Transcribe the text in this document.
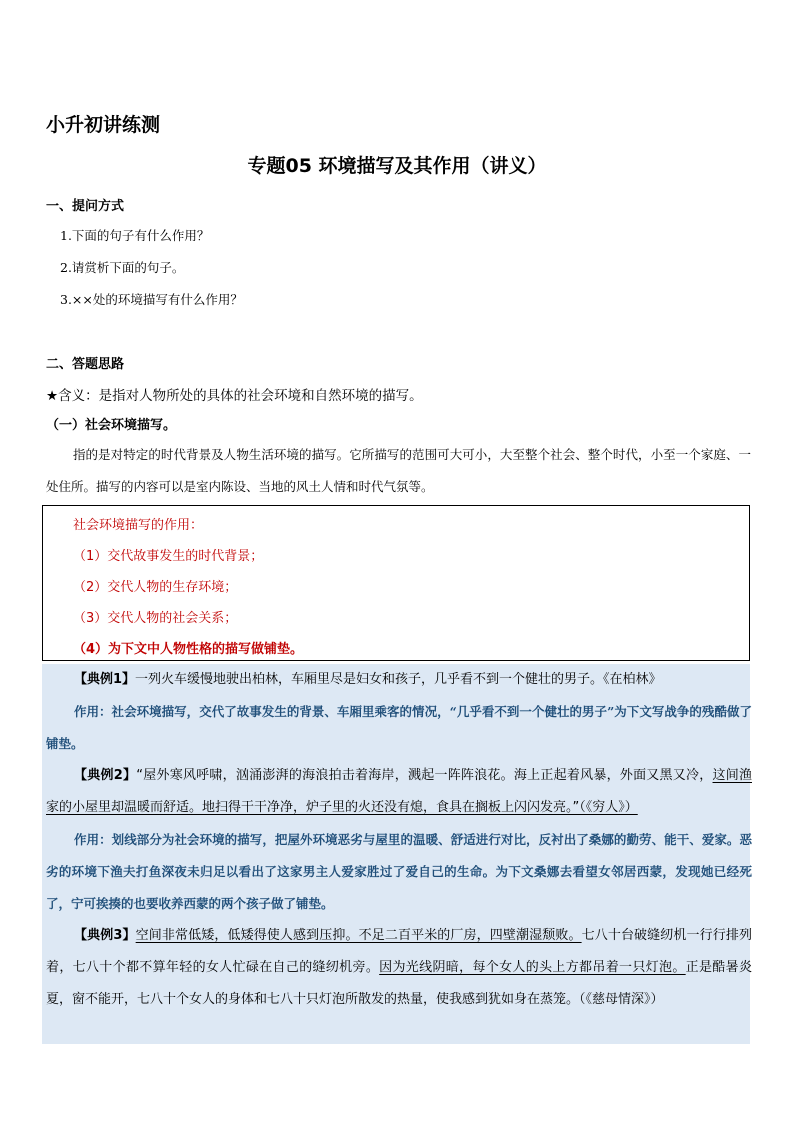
小升初讲练测
专题05 环境描写及其作用（讲义）
一、提问方式
1.下面的句子有什么作用？
2.请赏析下面的句子。
3.××处的环境描写有什么作用？
二、答题思路
★含义：是指对人物所处的具体的社会环境和自然环境的描写。
（一）社会环境描写。
指的是对特定的时代背景及人物生活环境的描写。它所描写的范围可大可小，大至整个社会、整个时代，小至一个家庭、一处住所。描写的内容可以是室内陈设、当地的风土人情和时代气氛等。
社会环境描写的作用：
（1）交代故事发生的时代背景；
（2）交代人物的生存环境；
（3）交代人物的社会关系；
（4）为下文中人物性格的描写做铺垫。
【典例1】一列火车缓慢地驶出柏林，车厢里尽是妇女和孩子，几乎看不到一个健壮的男子。《在柏林》
作用：社会环境描写，交代了故事发生的背景、车厢里乘客的情况，“几乎看不到一个健壮的男子”为下文写战争的残酷做了铺垫。
【典例2】“屋外寒风呼啸，汹涌澎湃的海浪拍击着海岸，溅起一阵阵浪花。海上正起着风暴，外面又黑又冷，这间渔家的小屋里却温暖而舒适。地扫得干干净净，炉子里的火还没有熄，食具在搁板上闪闪发亮。”（《穷人》）
作用：划线部分为社会环境的描写，把屋外环境恶劣与屋里的温暖、舒适进行对比，反衬出了桑娜的勤劳、能干、爱家。恶劣的环境下渔夫打鱼深夜未归足以看出了这家男主人爱家胜过了爱自己的生命。为下文桑娜去看望女邻居西蒙，发现她已经死了，宁可挨揍的也要收养西蒙的两个孩子做了铺垫。
【典例3】空间非常低矮，低矮得使人感到压抑。不足二百平米的厂房，四壁潮湿颓败。七八十台破缝纫机一行行排列着，七八十个都不算年轻的女人忙碌在自己的缝纫机旁。因为光线阴暗，每个女人的头上方都吊着一只灯泡。正是酷暑炎夏，窗不能开，七八十个女人的身体和七八十只灯泡所散发的热量，使我感到犹如身在蒸笼。（《慈母情深》）
